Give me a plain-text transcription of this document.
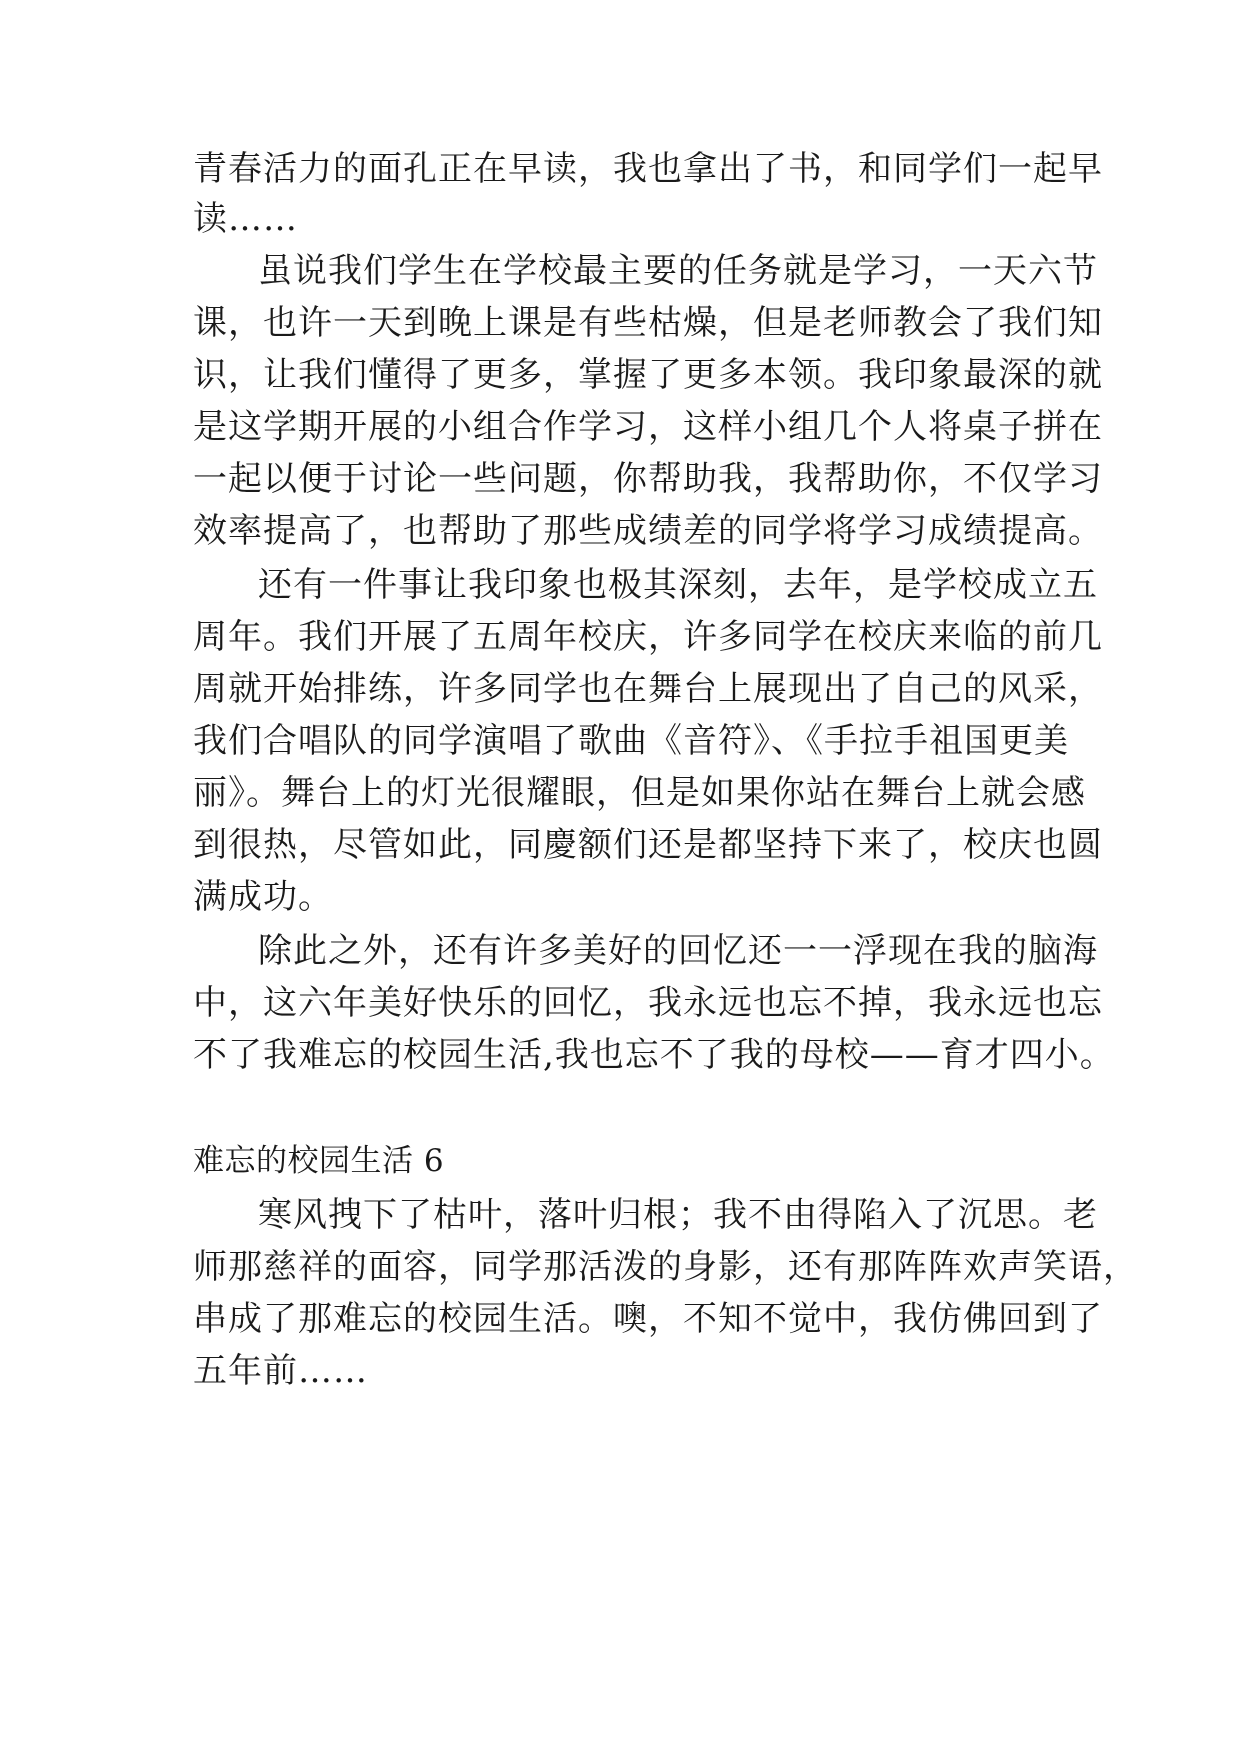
青春活力的面孔正在早读，我也拿出了书，和同学们一起早
读……
虽说我们学生在学校最主要的任务就是学习，一天六节
课，也许一天到晚上课是有些枯燥，但是老师教会了我们知
识，让我们懂得了更多，掌握了更多本领。我印象最深的就
是这学期开展的小组合作学习，这样小组几个人将桌子拼在
一起以便于讨论一些问题，你帮助我，我帮助你，不仅学习
效率提高了，也帮助了那些成绩差的同学将学习成绩提高。
还有一件事让我印象也极其深刻，去年，是学校成立五
周年。我们开展了五周年校庆，许多同学在校庆来临的前几
周就开始排练，许多同学也在舞台上展现出了自己的风采，
我们合唱队的同学演唱了歌曲《音符》、《手拉手祖国更美
丽》。舞台上的灯光很耀眼，但是如果你站在舞台上就会感
到很热，尽管如此，同慶额们还是都坚持下来了，校庆也圆
满成功。
除此之外，还有许多美好的回忆还一一浮现在我的脑海
中，这六年美好快乐的回忆，我永远也忘不掉，我永远也忘
不了我难忘的校园生活,我也忘不了我的母校——育才四小。
难忘的校园生活 6
寒风拽下了枯叶，落叶归根；我不由得陷入了沉思。老
师那慈祥的面容，同学那活泼的身影，还有那阵阵欢声笑语，
串成了那难忘的校园生活。噢，不知不觉中，我仿佛回到了
五年前……
